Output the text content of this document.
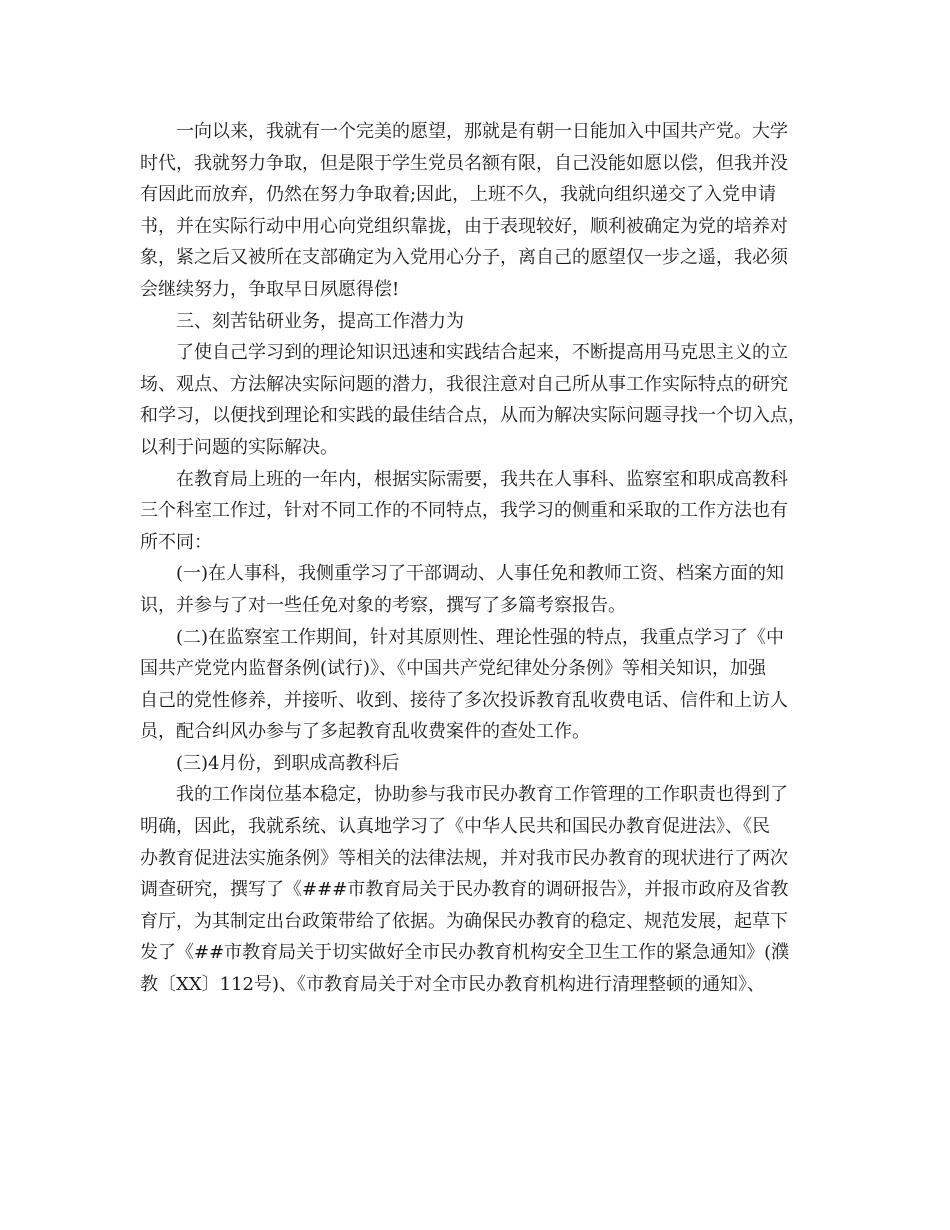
一向以来，我就有一个完美的愿望，那就是有朝一日能加入中国共产党。大学
时代，我就努力争取，但是限于学生党员名额有限，自己没能如愿以偿，但我并没
有因此而放弃，仍然在努力争取着;因此，上班不久，我就向组织递交了入党申请
书，并在实际行动中用心向党组织靠拢，由于表现较好，顺利被确定为党的培养对
象，紧之后又被所在支部确定为入党用心分子，离自己的愿望仅一步之遥，我必须
会继续努力，争取早日夙愿得偿!
三、刻苦钻研业务，提高工作潜力为
了使自己学习到的理论知识迅速和实践结合起来，不断提高用马克思主义的立
场、观点、方法解决实际问题的潜力，我很注意对自己所从事工作实际特点的研究
和学习，以便找到理论和实践的最佳结合点，从而为解决实际问题寻找一个切入点，
以利于问题的实际解决。
在教育局上班的一年内，根据实际需要，我共在人事科、监察室和职成高教科
三个科室工作过，针对不同工作的不同特点，我学习的侧重和采取的工作方法也有
所不同：
(一)在人事科，我侧重学习了干部调动、人事任免和教师工资、档案方面的知
识，并参与了对一些任免对象的考察，撰写了多篇考察报告。
(二)在监察室工作期间，针对其原则性、理论性强的特点，我重点学习了《中
国共产党党内监督条例(试行)》、《中国共产党纪律处分条例》等相关知识，加强
自己的党性修养，并接听、收到、接待了多次投诉教育乱收费电话、信件和上访人
员，配合纠风办参与了多起教育乱收费案件的查处工作。
(三)4月份，到职成高教科后
我的工作岗位基本稳定，协助参与我市民办教育工作管理的工作职责也得到了
明确，因此，我就系统、认真地学习了《中华人民共和国民办教育促进法》、《民
办教育促进法实施条例》等相关的法律法规，并对我市民办教育的现状进行了两次
调查研究，撰写了《###市教育局关于民办教育的调研报告》，并报市政府及省教
育厅，为其制定出台政策带给了依据。为确保民办教育的稳定、规范发展，起草下
发了《##市教育局关于切实做好全市民办教育机构安全卫生工作的紧急通知》(濮
教〔XX〕112号)、《市教育局关于对全市民办教育机构进行清理整顿的通知》、
